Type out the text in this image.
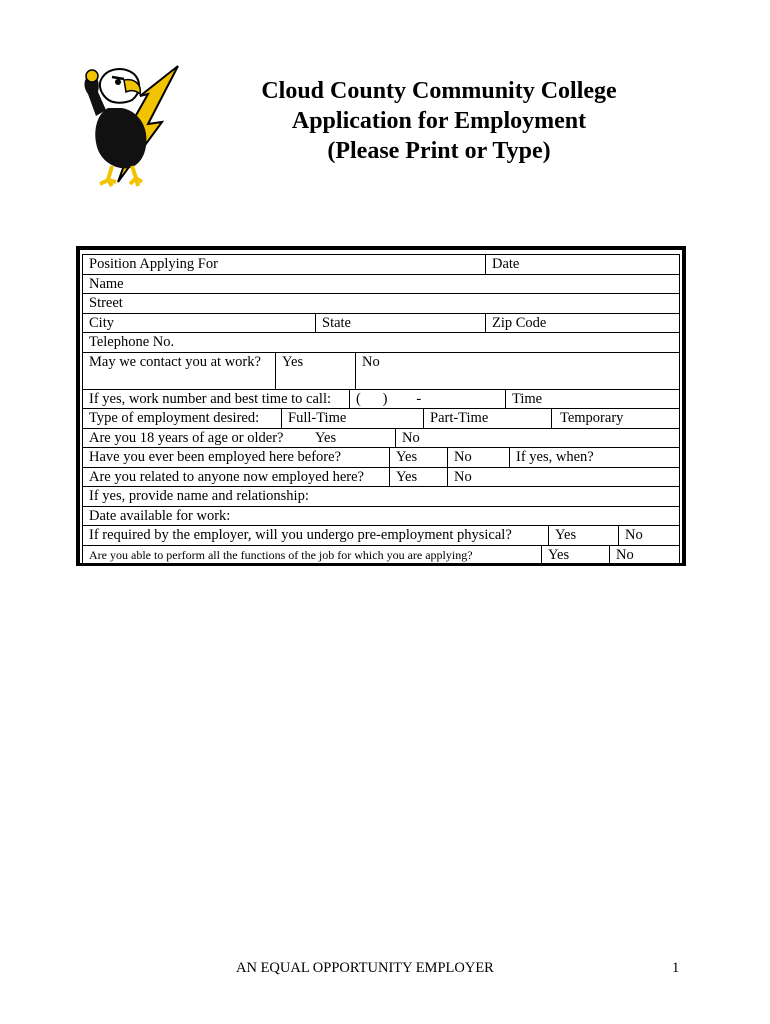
Cloud County Community College
Application for Employment
(Please Print or Type)
Position Applying For	Date
Name
Street
City	State	Zip Code
Telephone No.
May we contact you at work?	Yes	No
If yes, work number and best time to call:	(      )        -	Time
Type of employment desired:	Full-Time	Part-Time	Temporary
Are you 18 years of age or older?	Yes	No
Have you ever been employed here before?	Yes	No	If yes, when?
Are you related to anyone now employed here?	Yes	No
If yes, provide name and relationship:
Date available for work:
If required by the employer, will you undergo pre-employment physical?	Yes	No
Are you able to perform all the functions of the job for which you are applying?	Yes	No
AN EQUAL OPPORTUNITY EMPLOYER	1
